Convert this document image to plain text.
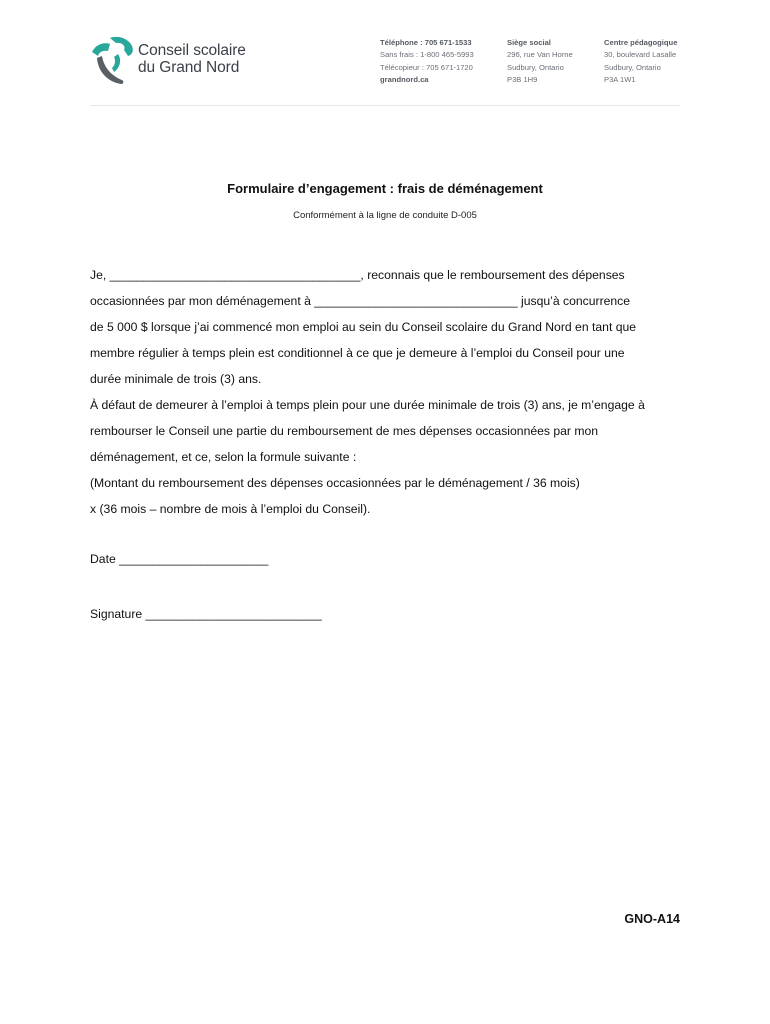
Conseil scolaire
du Grand Nord
Téléphone : 705 671-1533
Sans frais : 1-800 465-5993
Télécopieur : 705 671-1720
grandnord.ca
Siège social
296, rue Van Horne
Sudbury, Ontario
P3B 1H9
Centre pédagogique
30, boulevard Lasalle
Sudbury, Ontario
P3A 1W1
Formulaire d’engagement : frais de déménagement
Conformément à la ligne de conduite D-005

Je, _____________________________________, reconnais que le remboursement des dépenses

occasionnées par mon déménagement à ______________________________ jusqu’à concurrence

de 5 000 $ lorsque j’ai commencé mon emploi au sein du Conseil scolaire du Grand Nord en tant que

membre régulier à temps plein est conditionnel à ce que je demeure à l’emploi du Conseil pour une

durée minimale de trois (3) ans.

À défaut de demeurer à l’emploi à temps plein pour une durée minimale de trois (3) ans, je m’engage à

rembourser le Conseil une partie du remboursement de mes dépenses occasionnées par mon

déménagement, et ce, selon la formule suivante :

(Montant du remboursement des dépenses occasionnées par le déménagement / 36 mois)

x (36 mois – nombre de mois à l’emploi du Conseil).

Date ______________________
Signature __________________________
GNO-A14
